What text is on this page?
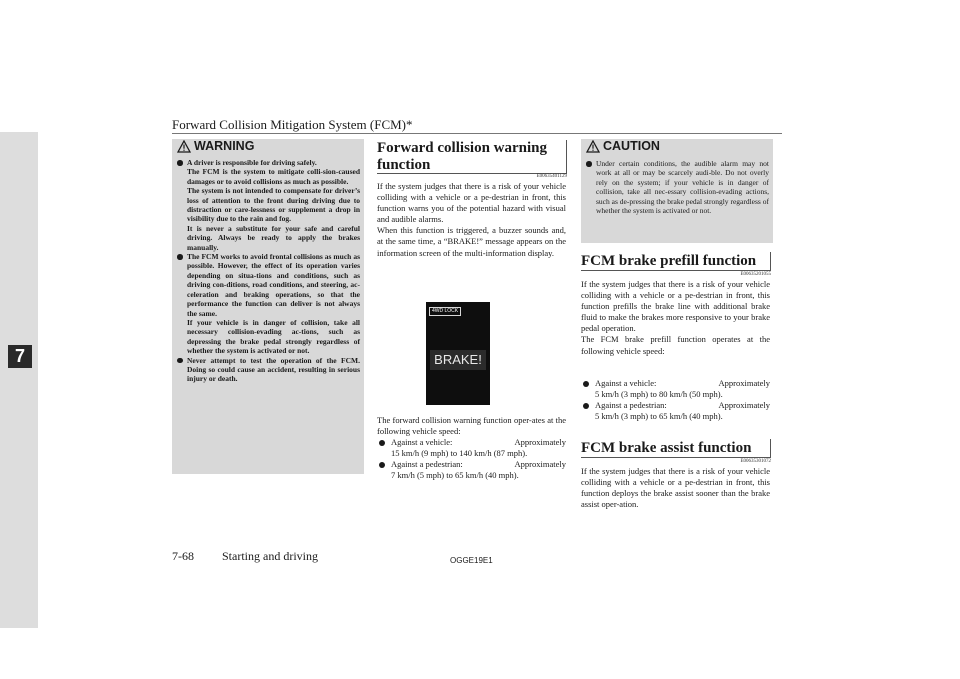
Forward Collision Mitigation System (FCM)*
7
WARNING
A driver is responsible for driving safely.
The FCM is the system to mitigate colli-sion-caused damages or to avoid collisions as much as possible.
The system is not intended to compensate for driver’s loss of attention to the front during driving due to distraction or care-lessness or supplement a drop in visibility due to the rain and fog.
It is never a substitute for your safe and careful driving. Always be ready to apply the brakes manually.
The FCM works to avoid frontal collisions as much as possible. However, the effect of its operation varies depending on situa-tions and conditions, such as driving con-ditions, road conditions, and steering, ac-celeration and braking operations, so that the performance the function can deliver is not always the same.
If your vehicle is in danger of collision, take all necessary collision-evading ac-tions, such as depressing the brake pedal strongly regardless of whether the system is activated or not.
Never attempt to test the operation of the FCM. Doing so could cause an accident, resulting in serious injury or death.
Forward collision warning
function
E00635401129

If the system judges that there is a risk of your vehicle colliding with a vehicle or a pe-destrian in front, this function warns you of the potential hazard with visual and audible alarms.
When this function is triggered, a buzzer sounds and, at the same time, a “BRAKE!” message appears on the information screen of the multi-information display.

4WD LOCK
BRAKE!

The forward collision warning function oper-ates at the following vehicle speed:

Against a vehicle:	Approximately
15 km/h (9 mph) to 140 km/h (87 mph).
Against a pedestrian:	Approximately
7 km/h (5 mph) to 65 km/h (40 mph).
CAUTION
Under certain conditions, the audible alarm may not work at all or may be scarcely audi-ble. Do not overly rely on the system; if your vehicle is in danger of collision, take all nec-essary collision-evading actions, such as de-pressing the brake pedal strongly regardless of whether the system is activated or not.
FCM brake prefill function
E00635201055

If the system judges that there is a risk of your vehicle colliding with a vehicle or a pe-destrian in front, this function prefills the brake line with additional brake fluid to make the brakes more responsive to your brake pedal operation.
The FCM brake prefill function operates at the following vehicle speed:

Against a vehicle:	Approximately
5 km/h (3 mph) to 80 km/h (50 mph).
Against a pedestrian:	Approximately
5 km/h (3 mph) to 65 km/h (40 mph).
FCM brake assist function
E00635301072

If the system judges that there is a risk of your vehicle colliding with a vehicle or a pe-destrian in front, this function deploys the brake assist sooner than the brake assist oper-ation.

7-68 Starting and driving	OGGE19E1
